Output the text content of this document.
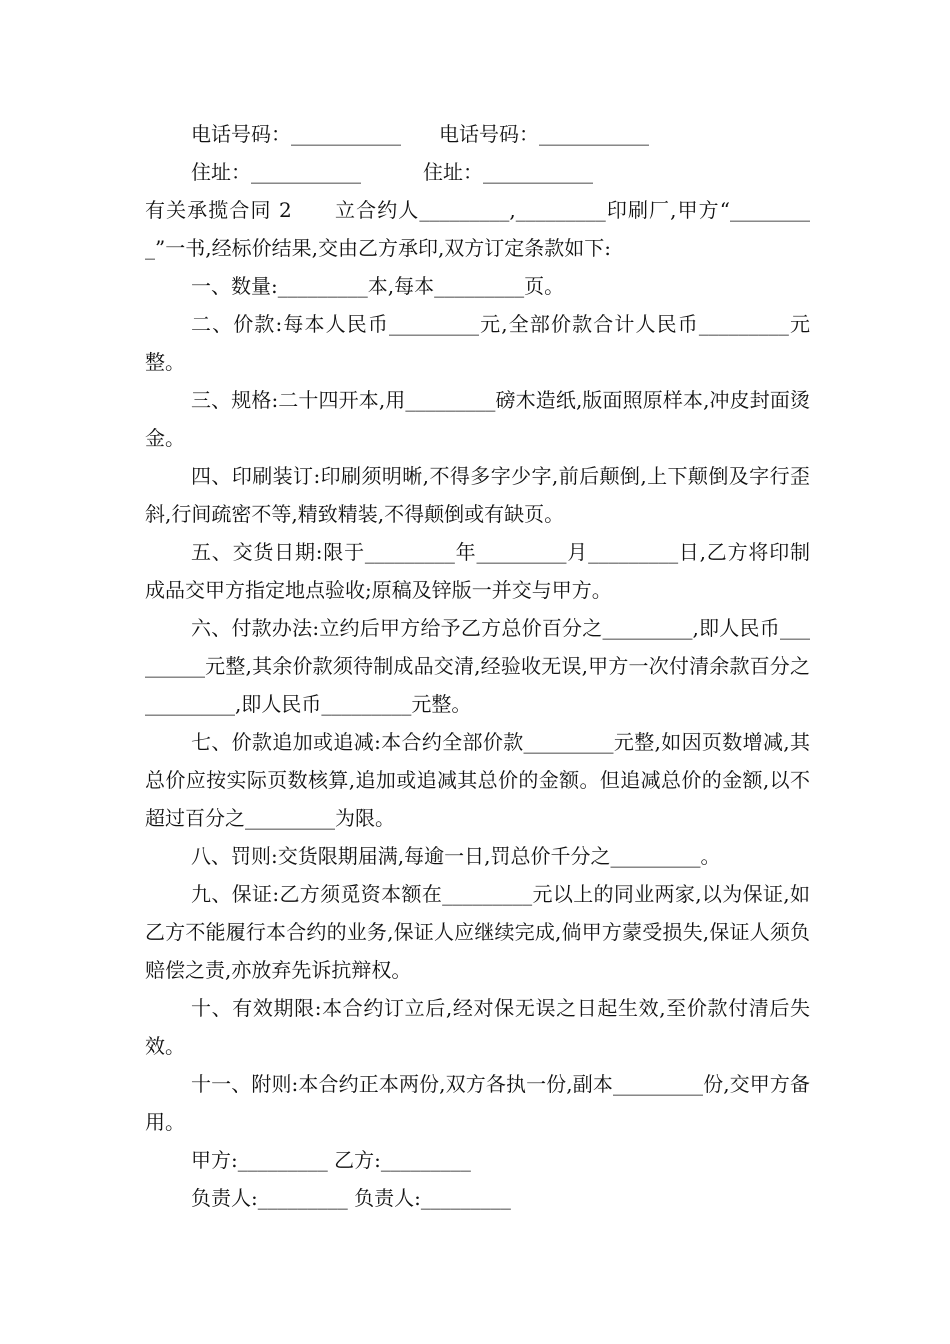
电话号码：___________ 电话号码：___________
住址：___________	住址：___________
有关承揽合同 2　　立合约人_________,_________印刷厂,甲方“_________”一书,经标价结果,交由乙方承印,双方订定条款如下:
一、数量:_________本,每本_________页。
二、价款:每本人民币_________元,全部价款合计人民币_________元整。
三、规格:二十四开本,用_________磅木造纸,版面照原样本,冲皮封面烫金。
四、印刷装订:印刷须明晰,不得多字少字,前后颠倒,上下颠倒及字行歪斜,行间疏密不等,精致精装,不得颠倒或有缺页。
五、交货日期:限于_________年_________月_________日,乙方将印制成品交甲方指定地点验收;原稿及锌版一并交与甲方。
六、付款办法:立约后甲方给予乙方总价百分之_________,即人民币_________元整,其余价款须待制成品交清,经验收无误,甲方一次付清余款百分之_________,即人民币_________元整。
七、价款追加或追减:本合约全部价款_________元整,如因页数增减,其总价应按实际页数核算,追加或追减其总价的金额。但追减总价的金额,以不超过百分之_________为限。
八、罚则:交货限期届满,每逾一日,罚总价千分之_________。
九、保证:乙方须觅资本额在_________元以上的同业两家,以为保证,如乙方不能履行本合约的业务,保证人应继续完成,倘甲方蒙受损失,保证人须负赔偿之责,亦放弃先诉抗辩权。
十、有效期限:本合约订立后,经对保无误之日起生效,至价款付清后失效。
十一、附则:本合约正本两份,双方各执一份,副本_________份,交甲方备用。
甲方:_________ 乙方:_________
负责人:_________ 负责人:_________
